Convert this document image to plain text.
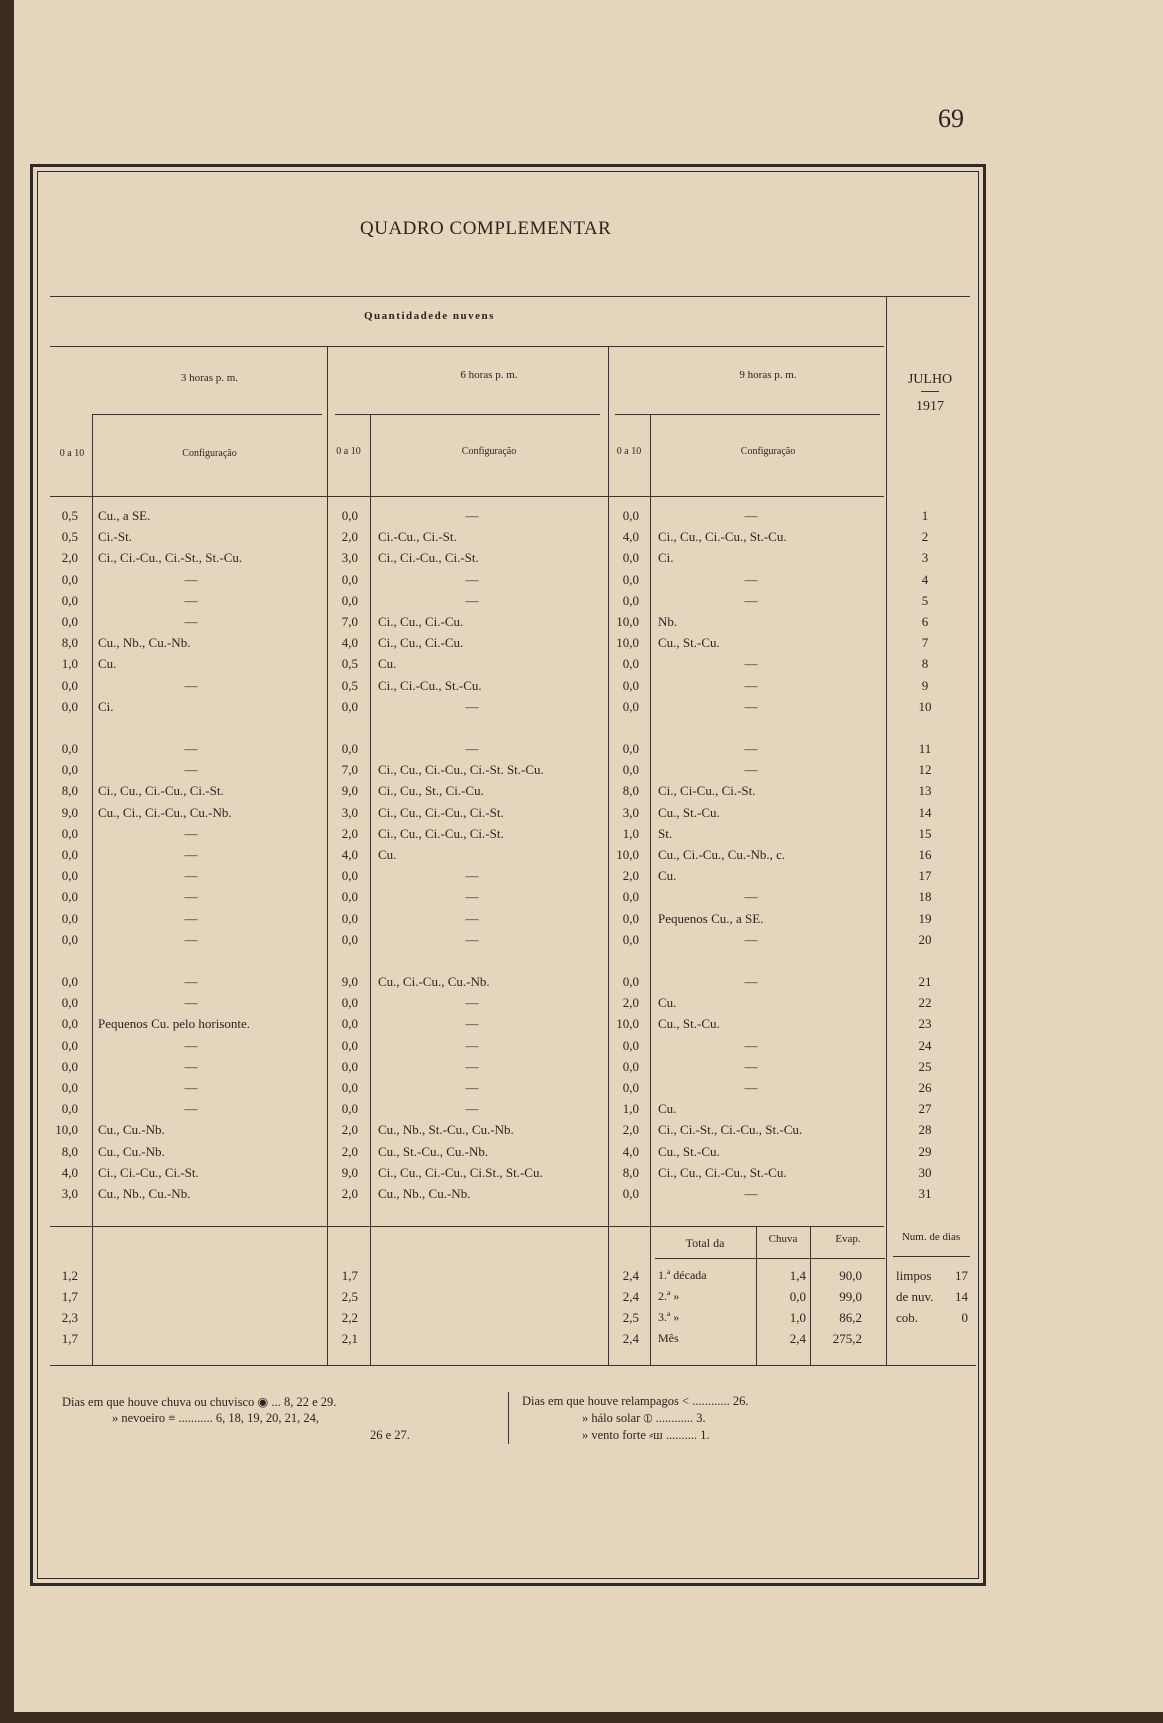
69
QUADRO COMPLEMENTAR
Quantidadede nuvens
3 horas p. m.	6 horas p. m.	9 horas p. m.
0 a 10	Configuração	0 a 10	Configuração	0 a 10	Configuração
JULHO
1917
0,5 Cu., a SE.	0,0	—	0,0	—	1
0,5 Ci.-St.	2,0 Ci.-Cu., Ci.-St.	4,0 Ci., Cu., Ci.-Cu., St.-Cu.	2
2,0 Ci., Ci.-Cu., Ci.-St., St.-Cu.	3,0 Ci., Ci.-Cu., Ci.-St.	0,0 Ci.	3
0,0	—	0,0	—	0,0	—	4
0,0	—	0,0	—	0,0	—	5
0,0	—	7,0 Ci., Cu., Ci.-Cu.	10,0 Nb.	6
8,0 Cu., Nb., Cu.-Nb.	4,0 Ci., Cu., Ci.-Cu.	10,0 Cu., St.-Cu.	7
1,0 Cu.	0,5 Cu.	0,0	—	8
0,0	—	0,5 Ci., Ci.-Cu., St.-Cu.	0,0	—	9
0,0 Ci.	0,0	—	0,0	—	10
0,0	—	0,0	—	0,0	—	11
0,0	—	7,0 Ci., Cu., Ci.-Cu., Ci.-St. St.-Cu.	0,0	—	12
8,0 Ci., Cu., Ci.-Cu., Ci.-St.	9,0 Ci., Cu., St., Ci.-Cu.	8,0 Ci., Ci-Cu., Ci.-St.	13
9,0 Cu., Ci., Ci.-Cu., Cu.-Nb.	3,0 Ci., Cu., Ci.-Cu., Ci.-St.	3,0 Cu., St.-Cu.	14
0,0	—	2,0 Ci., Cu., Ci.-Cu., Ci.-St.	1,0 St.	15
0,0	—	4,0 Cu.	10,0 Cu., Ci.-Cu., Cu.-Nb., c.	16
0,0	—	0,0	—	2,0 Cu.	17
0,0	—	0,0	—	0,0	—	18
0,0	—	0,0	—	0,0 Pequenos Cu., a SE.	19
0,0	—	0,0	—	0,0	—	20
0,0	—	9,0 Cu., Ci.-Cu., Cu.-Nb.	0,0	—	21
0,0	—	0,0	—	2,0 Cu.	22
0,0 Pequenos Cu. pelo horisonte.	0,0	—	10,0 Cu., St.-Cu.	23
0,0	—	0,0	—	0,0	—	24
0,0	—	0,0	—	0,0	—	25
0,0	—	0,0	—	0,0	—	26
0,0	—	0,0	—	1,0 Cu.	27
10,0 Cu., Cu.-Nb.	2,0 Cu., Nb., St.-Cu., Cu.-Nb.	2,0 Ci., Ci.-St., Ci.-Cu., St.-Cu.	28
8,0 Cu., Cu.-Nb.	2,0 Cu., St.-Cu., Cu.-Nb.	4,0 Cu., St.-Cu.	29
4,0 Ci., Ci.-Cu., Ci.-St.	9,0 Ci., Cu., Ci.-Cu., Ci.St., St.-Cu.	8,0 Ci., Cu., Ci.-Cu., St.-Cu.	30
3,0 Cu., Nb., Cu.-Nb.	2,0 Cu., Nb., Cu.-Nb.	0,0	—	31
Total da	Chuva	Evap.	Num. de dias
1,2	1,7	2,4 1.ª década	1,4	90,0	limpos	17
1,7	2,5	2,4 2.ª »	0,0	99,0	de nuv.	14
2,3	2,2	2,5 3.ª »	1,0	86,2	cob.	0
1,7	2,1	2,4 Mês	2,4	275,2
Dias em que houve chuva ou chuvisco ◉ ... 8, 22 e 29.
» nevoeiro ≡ ........... 6, 18, 19, 20, 21, 24,
26 e 27.
Dias em que houve relampagos < ............ 26.
» hálo solar ⦶ ............ 3.
» vento forte ⸗ш .......... 1.
